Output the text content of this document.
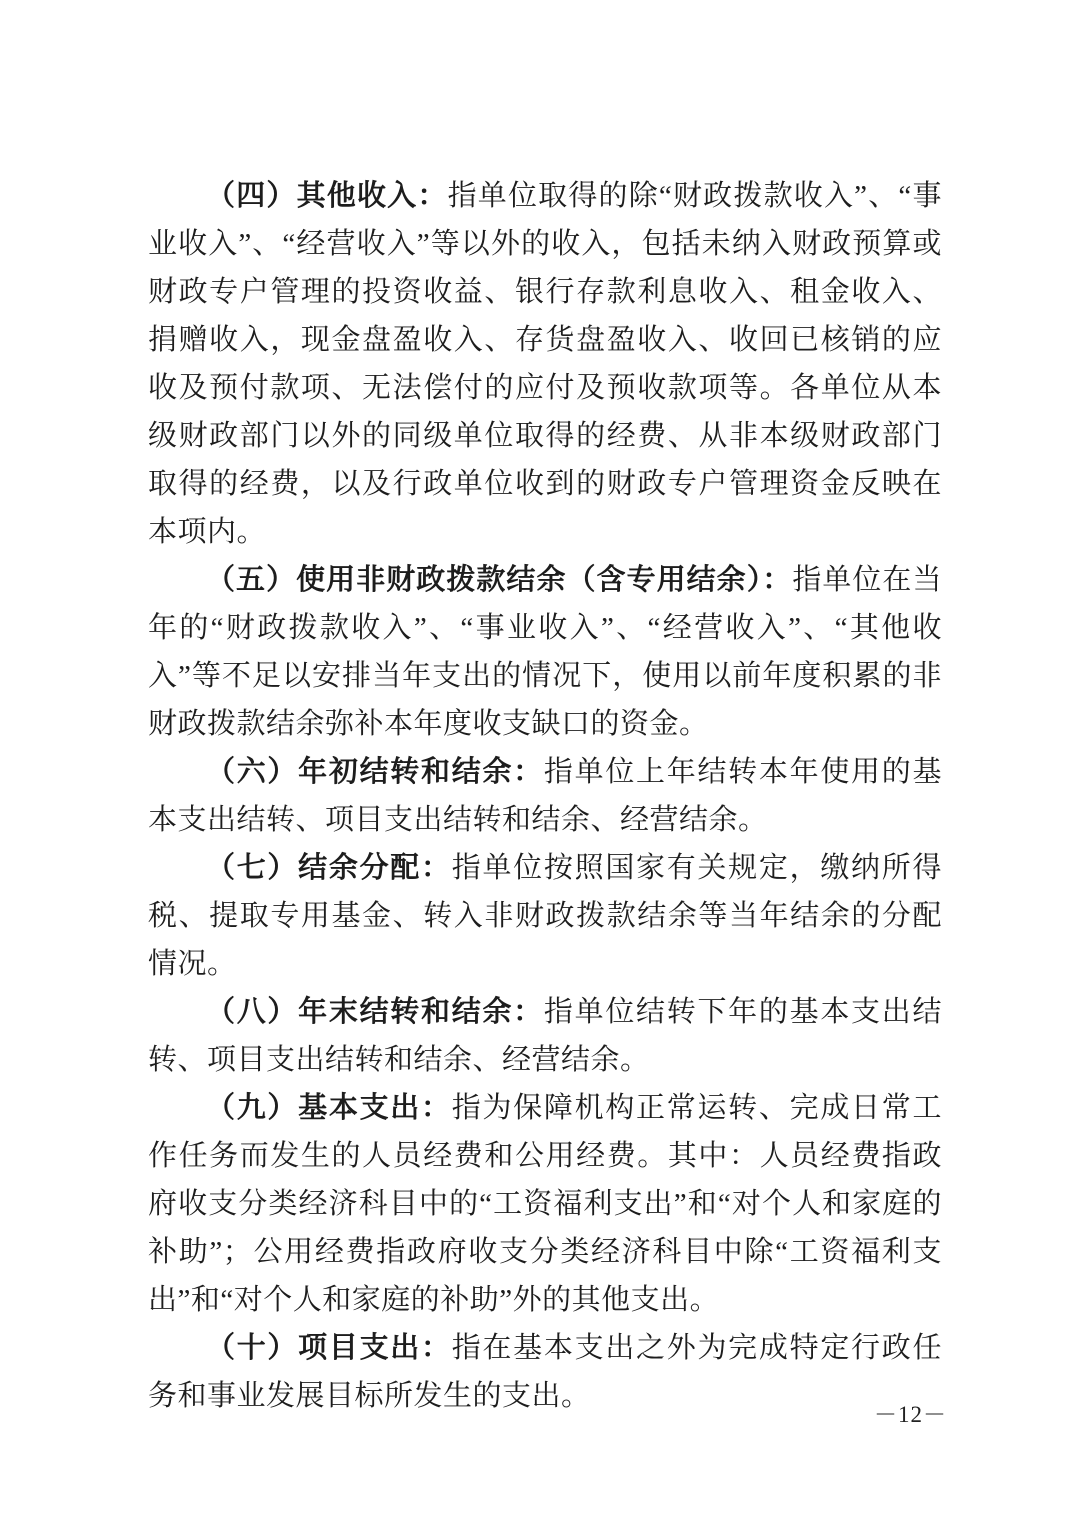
（四）其他收入：指单位取得的除“财政拨款收入”、“事业收入”、“经营收入”等以外的收入，包括未纳入财政预算或财政专户管理的投资收益、银行存款利息收入、租金收入、捐赠收入，现金盘盈收入、存货盘盈收入、收回已核销的应收及预付款项、无法偿付的应付及预收款项等。各单位从本级财政部门以外的同级单位取得的经费、从非本级财政部门取得的经费，以及行政单位收到的财政专户管理资金反映在本项内。

（五）使用非财政拨款结余（含专用结余）：指单位在当年的“财政拨款收入”、“事业收入”、“经营收入”、“其他收入”等不足以安排当年支出的情况下，使用以前年度积累的非财政拨款结余弥补本年度收支缺口的资金。

（六）年初结转和结余：指单位上年结转本年使用的基本支出结转、项目支出结转和结余、经营结余。

（七）结余分配：指单位按照国家有关规定，缴纳所得税、提取专用基金、转入非财政拨款结余等当年结余的分配情况。

（八）年末结转和结余：指单位结转下年的基本支出结转、项目支出结转和结余、经营结余。

（九）基本支出：指为保障机构正常运转、完成日常工作任务而发生的人员经费和公用经费。其中：人员经费指政府收支分类经济科目中的“工资福利支出”和“对个人和家庭的补助”；公用经费指政府收支分类经济科目中除“工资福利支出”和“对个人和家庭的补助”外的其他支出。

（十）项目支出：指在基本支出之外为完成特定行政任务和事业发展目标所发生的支出。

－12－
